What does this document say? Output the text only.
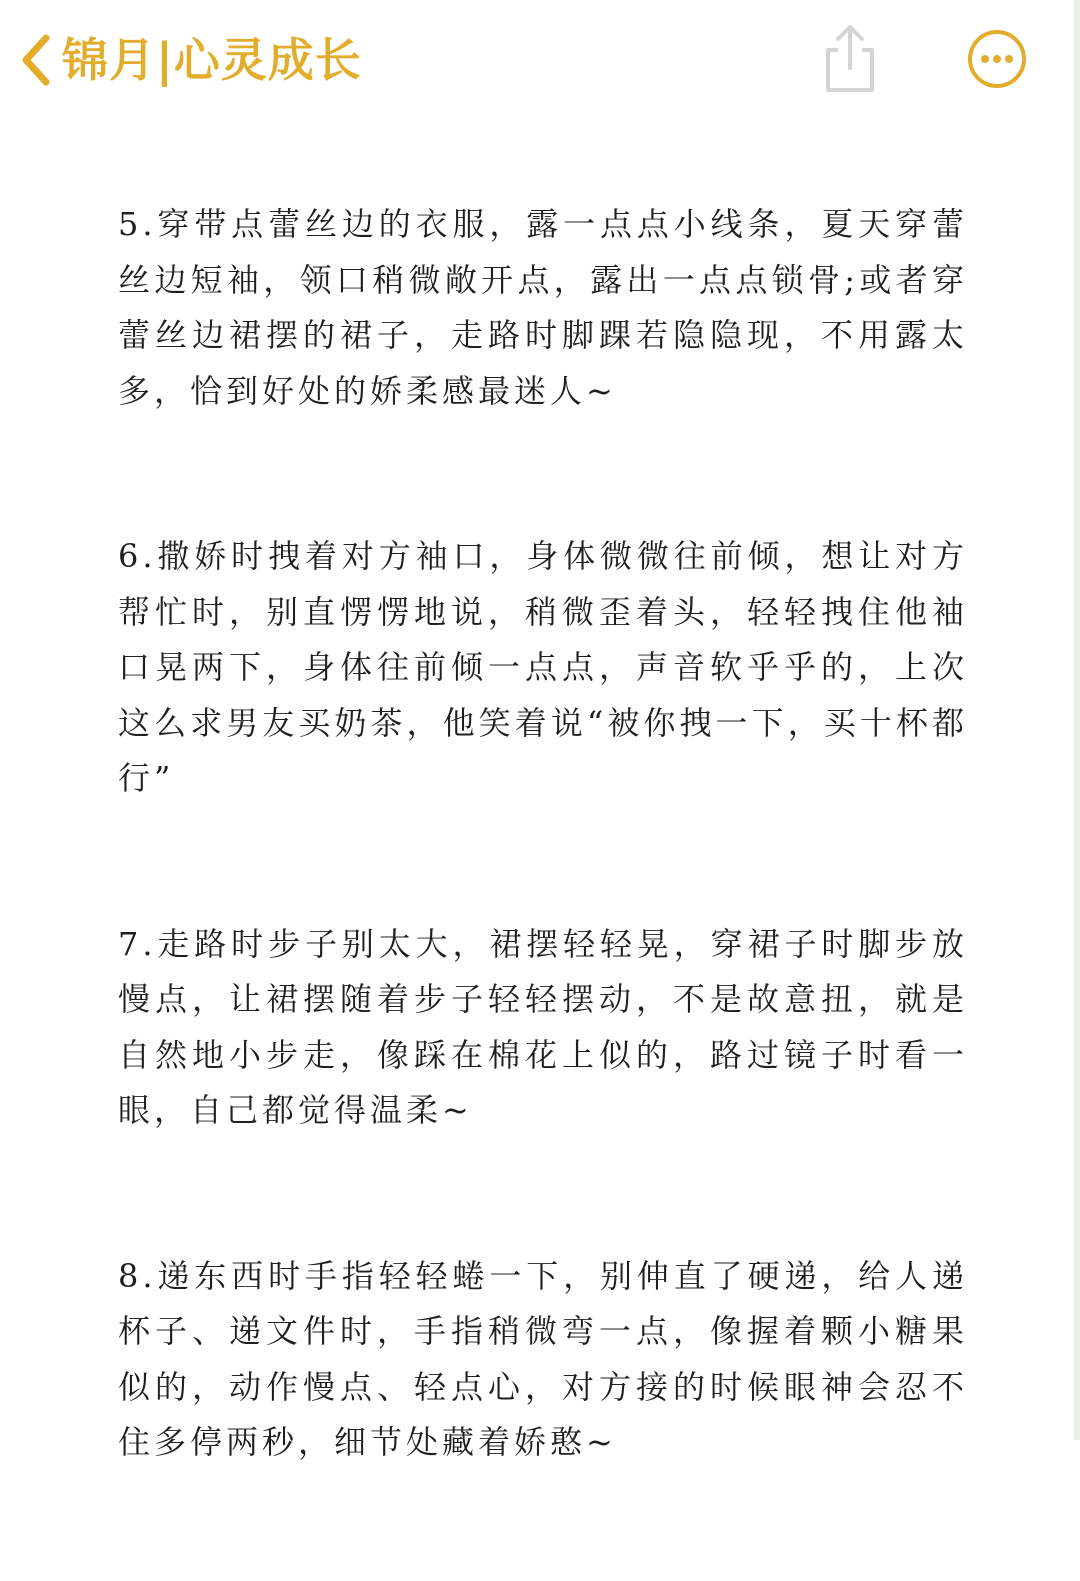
锦月|心灵成长

5.穿带点蕾丝边的衣服，露一点点小线条，夏天穿蕾丝边短袖，领口稍微敞开点，露出一点点锁骨;或者穿蕾丝边裙摆的裙子，走路时脚踝若隐隐现，不用露太多，恰到好处的娇柔感最迷人~

6.撒娇时拽着对方袖口，身体微微往前倾，想让对方帮忙时，别直愣愣地说，稍微歪着头，轻轻拽住他袖口晃两下，身体往前倾一点点，声音软乎乎的，上次这么求男友买奶茶，他笑着说“被你拽一下，买十杯都行”

7.走路时步子别太大，裙摆轻轻晃，穿裙子时脚步放慢点，让裙摆随着步子轻轻摆动，不是故意扭，就是自然地小步走，像踩在棉花上似的，路过镜子时看一眼，自己都觉得温柔~

8.递东西时手指轻轻蜷一下，别伸直了硬递，给人递杯子、递文件时，手指稍微弯一点，像握着颗小糖果似的，动作慢点、轻点心，对方接的时候眼神会忍不住多停两秒，细节处藏着娇憨~
